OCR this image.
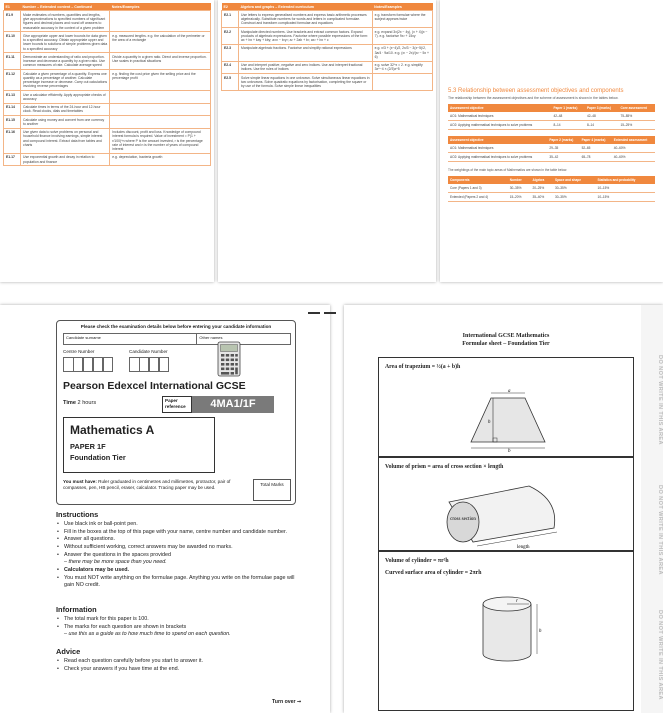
E1	Number – Extended content – Continued	Notes/Examples
E1.9	Make estimates of numbers, quantities and lengths, give approximations to specified numbers of significant figures and decimal places and round off answers to reasonable accuracy in the context of a given problem	
E1.10	Give appropriate upper and lower bounds for data given to a specified accuracy. Obtain appropriate upper and lower bounds to solutions of simple problems given data to a specified accuracy	e.g. measured lengths. e.g. the calculation of the perimeter or the area of a rectangle
E1.11	Demonstrate an understanding of ratio and proportion. Increase and decrease a quantity by a given ratio. Use common measures of rate. Calculate average speed	Divide a quantity in a given ratio. Direct and inverse proportion. Use scales in practical situations
E1.12	Calculate a given percentage of a quantity. Express one quantity as a percentage of another. Calculate percentage increase or decrease. Carry out calculations involving reverse percentages	e.g. finding the cost price given the selling price and the percentage profit
E1.13	Use a calculator efficiently. Apply appropriate checks of accuracy	
E1.14	Calculate times in terms of the 24-hour and 12-hour clock. Read clocks, dials and timetables	
E1.15	Calculate using money and convert from one currency to another	
E1.16	Use given data to solve problems on personal and household finance involving earnings, simple interest and compound interest. Extract data from tables and charts	Includes discount, profit and loss. Knowledge of compound interest formula is required. Value of investment = P(1 + r/100)^n where P is the amount invested, r is the percentage rate of interest and n is the number of years of compound interest
E1.17	Use exponential growth and decay in relation to population and finance	e.g. depreciation, bacteria growth
E2	Algebra and graphs – Extended curriculum	Notes/Examples
E2.1	Use letters to express generalised numbers and express basic arithmetic processes algebraically. Substitute numbers for words and letters in complicated formulae. Construct and transform complicated formulae and equations	e.g. transform formulae where the subject appears twice
E2.2	Manipulate directed numbers. Use brackets and extract common factors. Expand products of algebraic expressions. Factorise where possible expressions of the form: ax + bx + kay + kby; a²x² − b²y²; a² + 2ab + b²; ax² + bx + c	e.g. expand 3x(2x − 4y), (x + 4)(x − 7). e.g. factorise 9x² + 15xy
E2.3	Manipulate algebraic fractions. Factorise and simplify rational expressions	e.g. x/3 + (x−4)/2, 2x/3 − 3(x−5)/2, 3a/4 · 9a/10. e.g. (x² − 2x)/(x² − 5x + 6)
E2.4	Use and interpret positive, negative and zero indices. Use and interpret fractional indices. Use the rules of indices	e.g. solve 32^x = 2. e.g. simplify 3x^−4 × (2/3)x^5
E2.5	Solve simple linear equations in one unknown. Solve simultaneous linear equations in two unknowns. Solve quadratic equations by factorisation, completing the square or by use of the formula. Solve simple linear inequalities	
5.3 Relationship between assessment objectives and components

The relationship between the assessment objectives and the scheme of assessment is shown in the tables below.

Assessment objective	Paper 1 (marks)	Paper 3 (marks)	Core assessment
AO1: Mathematical techniques	42–48	42–48	75–85%
AO2: Applying mathematical techniques to solve problems	8–14	8–14	15–25%
Assessment objective	Paper 2 (marks)	Paper 4 (marks)	Extended assessment
AO1: Mathematical techniques	29–35	52–65	40–60%
AO2: Applying mathematical techniques to solve problems	35–42	65–78	40–60%

The weightings of the main topic areas of Mathematics are shown in the table below.

Components	Number	Algebra	Space and shape	Statistics and probability
Core (Papers 1 and 3)	30–35%	20–25%	30–35%	10–15%
Extended (Papers 2 and 4)	15–20%	35–40%	30–35%	10–15%
Please check the examination details below before entering your candidate information
Candidate surname	Other names
Centre Number	Candidate Number
Pearson Edexcel International GCSE
Time 2 hours	Paper reference	4MA1/1F
Mathematics A
PAPER 1F
Foundation Tier
You must have: Ruler graduated in centimetres and millimetres, protractor, pair of compasses, pen, HB pencil, eraser, calculator. Tracing paper may be used.
Total Marks
Instructions
• Use black ink or ball-point pen.
• Fill in the boxes at the top of this page with your name, centre number and candidate number.
• Answer all questions.
• Without sufficient working, correct answers may be awarded no marks.
• Answer the questions in the spaces provided
– there may be more space than you need.
• Calculators may be used.
• You must NOT write anything on the formulae page. Anything you write on the formulae page will gain NO credit.
Information
• The total mark for this paper is 100.
• The marks for each question are shown in brackets
– use this as a guide as to how much time to spend on each question.
Advice
• Read each question carefully before you start to answer it.
• Check your answers if you have time at the end.
Turn over ➞
International GCSE Mathematics
Formulae sheet – Foundation Tier
Area of trapezium = ½(a + b)h
a
h
b
Volume of prism = area of cross section × length
cross section
length
Volume of cylinder = πr²h
Curved surface area of cylinder = 2πrh
r
h
DO NOT WRITE IN THIS AREA
DO NOT WRITE IN THIS AREA
DO NOT WRITE IN THIS AREA
